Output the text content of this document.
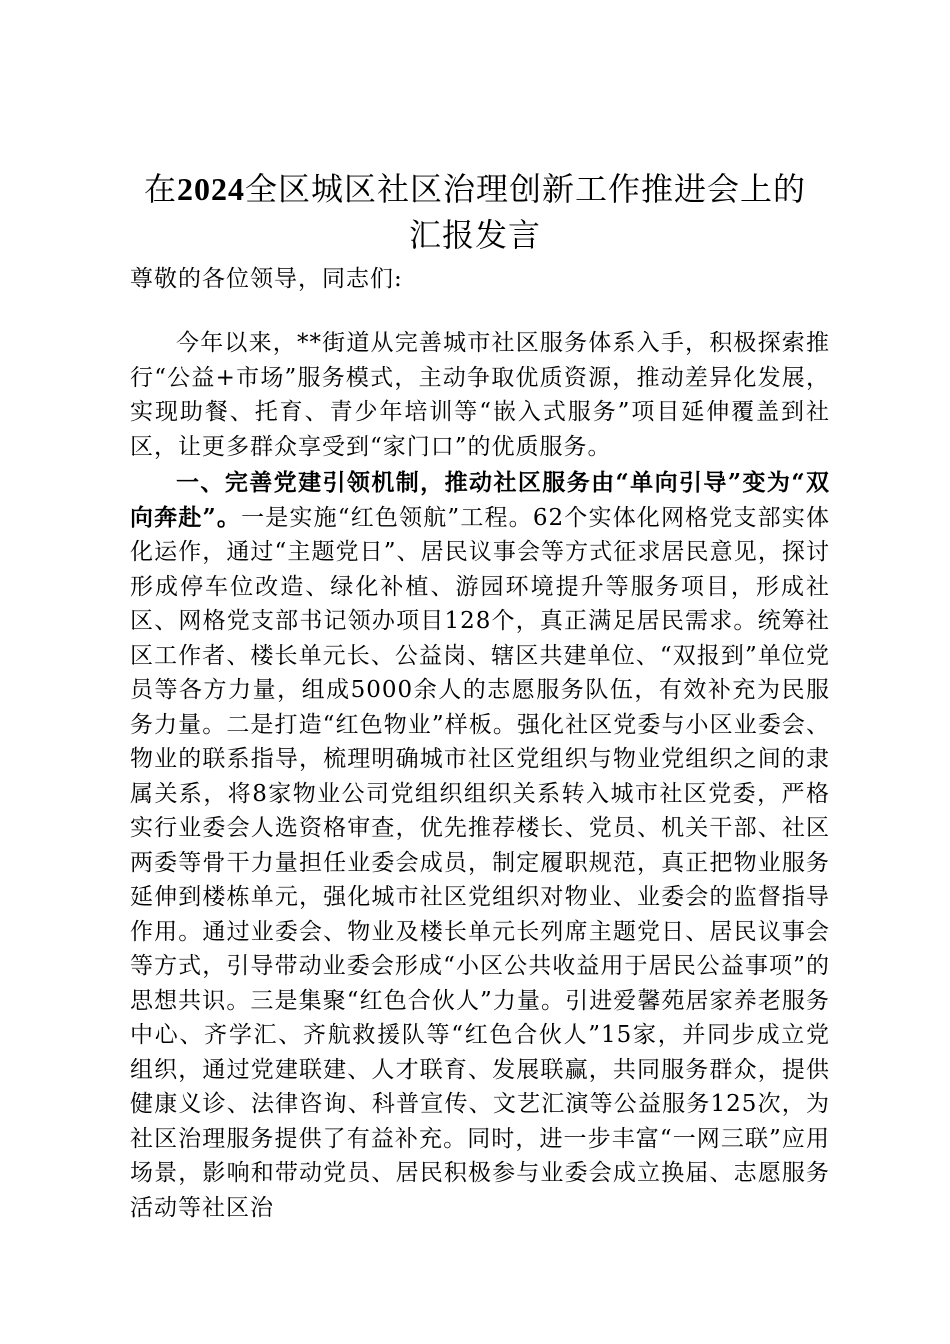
在2024全区城区社区治理创新工作推进会上的汇报发言
尊敬的各位领导，同志们:
今年以来，**街道从完善城市社区服务体系入手，积极探索推行“公益+市场”服务模式，主动争取优质资源，推动差异化发展，实现助餐、托育、青少年培训等“嵌入式服务”项目延伸覆盖到社区，让更多群众享受到“家门口”的优质服务。
一、完善党建引领机制，推动社区服务由“单向引导”变为“双向奔赴”。一是实施“红色领航”工程。62个实体化网格党支部实体化运作，通过“主题党日”、居民议事会等方式征求居民意见，探讨形成停车位改造、绿化补植、游园环境提升等服务项目，形成社区、网格党支部书记领办项目128个，真正满足居民需求。统筹社区工作者、楼长单元长、公益岗、辖区共建单位、“双报到”单位党员等各方力量，组成5000余人的志愿服务队伍，有效补充为民服务力量。二是打造“红色物业”样板。强化社区党委与小区业委会、物业的联系指导，梳理明确城市社区党组织与物业党组织之间的隶属关系，将8家物业公司党组织组织关系转入城市社区党委，严格实行业委会人选资格审查，优先推荐楼长、党员、机关干部、社区两委等骨干力量担任业委会成员，制定履职规范，真正把物业服务延伸到楼栋单元，强化城市社区党组织对物业、业委会的监督指导作用。通过业委会、物业及楼长单元长列席主题党日、居民议事会等方式，引导带动业委会形成“小区公共收益用于居民公益事项”的思想共识。三是集聚“红色合伙人”力量。引进爱馨苑居家养老服务中心、齐学汇、齐航救援队等“红色合伙人”15家，并同步成立党组织，通过党建联建、人才联育、发展联赢，共同服务群众，提供健康义诊、法律咨询、科普宣传、文艺汇演等公益服务125次，为社区治理服务提供了有益补充。同时，进一步丰富“一网三联”应用场景，影响和带动党员、居民积极参与业委会成立换届、志愿服务活动等社区治
